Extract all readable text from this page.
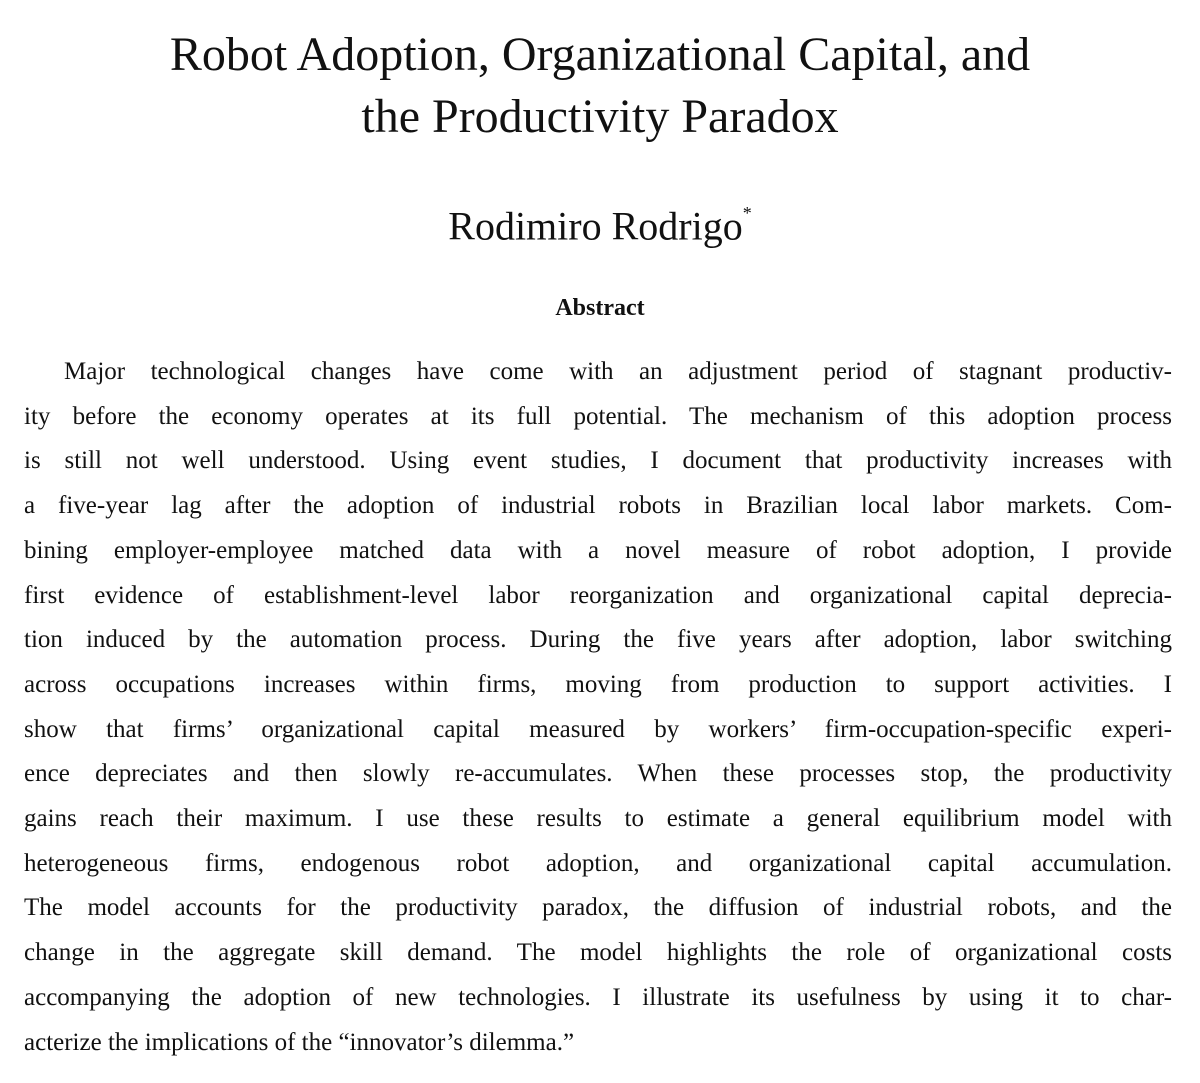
Robot Adoption, Organizational Capital, and
the Productivity Paradox
Rodimiro Rodrigo*
Abstract
Major technological changes have come with an adjustment period of stagnant productiv-
ity before the economy operates at its full potential. The mechanism of this adoption process
is still not well understood. Using event studies, I document that productivity increases with
a five-year lag after the adoption of industrial robots in Brazilian local labor markets. Com-
bining employer-employee matched data with a novel measure of robot adoption, I provide
first evidence of establishment-level labor reorganization and organizational capital deprecia-
tion induced by the automation process. During the five years after adoption, labor switching
across occupations increases within firms, moving from production to support activities. I
show that firms’ organizational capital measured by workers’ firm-occupation-specific experi-
ence depreciates and then slowly re-accumulates. When these processes stop, the productivity
gains reach their maximum. I use these results to estimate a general equilibrium model with
heterogeneous firms, endogenous robot adoption, and organizational capital accumulation.
The model accounts for the productivity paradox, the diffusion of industrial robots, and the
change in the aggregate skill demand. The model highlights the role of organizational costs
accompanying the adoption of new technologies. I illustrate its usefulness by using it to char-
acterize the implications of the “innovator’s dilemma.”
